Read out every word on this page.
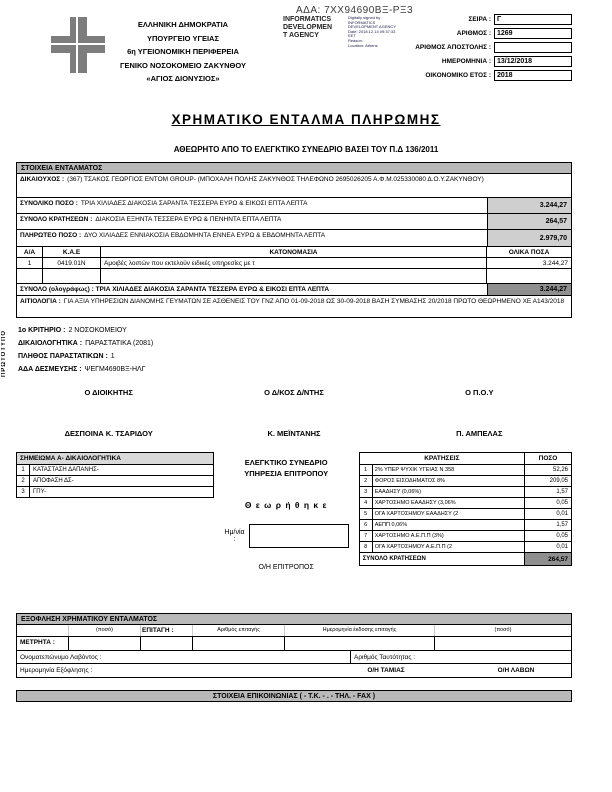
ΑΔΑ: 7ΧΧ94690ΒΞ-ΡΞ3
ΕΛΛΗΝΙΚΗ ΔΗΜΟΚΡΑΤΙΑ
ΥΠΟΥΡΓΕΙΟ ΥΓΕΙΑΣ
6η ΥΓΕΙΟΝΟΜΙΚΗ ΠΕΡΙΦΕΡΕΙΑ
ΓΕΝΙΚΟ ΝΟΣΟΚΟΜΕΙΟ ΖΑΚΥΝΘΟΥ
«ΑΓΙΟΣ ΔΙΟΝΥΣΙΟΣ»
INFORMATICS
DEVELOPMEN
T AGENCY
Digitally signed by
INFORMATICS
DEVELOPMENT AGENCY
Date: 2018.12.14 09:37:33
EET
Reason:
Location: Athens
ΣΕΙΡΑ : Γ
ΑΡΙΘΜΟΣ : 1269
ΑΡΙΘΜΟΣ ΑΠΟΣΤΟΛΗΣ :
ΗΜΕΡΟΜΗΝΙΑ : 13/12/2018
ΟΙΚΟΝΟΜΙΚΟ ΕΤΟΣ : 2018
ΧΡΗΜΑΤΙΚΟ ΕΝΤΑΛΜΑ ΠΛΗΡΩΜΗΣ
ΑΘΕΩΡΗΤΟ ΑΠΟ ΤΟ ΕΛΕΓΚΤΙΚΟ ΣΥΝΕΔΡΙΟ ΒΑΣΕΙ ΤΟΥ Π.Δ 136/2011
ΠΡΩΤΟΤΥΠΟ
ΣΤΟΙΧΕΙΑ ΕΝΤΑΛΜΑΤΟΣ
ΔΙΚΑΙΟΥΧΟΣ : (367) ΤΣΑΚΟΣ ΓΕΩΡΓΙΟΣ ΕΝΤΟΜ GROUP- (ΜΠΟΧΑΛΗ ΠΟΛΗΣ ΖΑΚΥΝΘΟΣ ΤΗΛΕΦΩΝΟ 2695026205 Α.Φ.Μ.025330080 Δ.Ο.Υ.ΖΑΚΥΝΘΟΥ)
ΣΥΝΟΛΙΚΟ ΠΟΣΟ : ΤΡΙΑ ΧΙΛΙΑΔΕΣ ΔΙΑΚΟΣΙΑ ΣΑΡΑΝΤΑ ΤΕΣΣΕΡΑ ΕΥΡΩ & ΕΙΚΟΣΙ ΕΠΤΑ ΛΕΠΤΑ	3.244,27
ΣΥΝΟΛΟ ΚΡΑΤΗΣΕΩΝ : ΔΙΑΚΟΣΙΑ ΕΞΗΝΤΑ ΤΕΣΣΕΡΑ ΕΥΡΩ & ΠΕΝΗΝΤΑ ΕΠΤΑ ΛΕΠΤΑ	264,57
ΠΛΗΡΩΤΕΟ ΠΟΣΟ : ΔΥΟ ΧΙΛΙΑΔΕΣ ΕΝΝΙΑΚΟΣΙΑ ΕΒΔΟΜΗΝΤΑ ΕΝΝΕΑ ΕΥΡΩ & ΕΒΔΟΜΗΝΤΑ ΛΕΠΤΑ	2.979,70
Α/Α	Κ.Α.Ε	ΚΑΤΟΝΟΜΑΣΙΑ	ΟΛΙΚΑ ΠΟΣΑ
1	0419.01Ν	Αμοιβές λοιπών που εκτελούν ειδικές υπηρεσίες με τ	3.244,27
ΣΥΝΟΛΟ (ολογράφως) : ΤΡΙΑ ΧΙΛΙΑΔΕΣ ΔΙΑΚΟΣΙΑ ΣΑΡΑΝΤΑ ΤΕΣΣΕΡΑ ΕΥΡΩ & ΕΙΚΟΣΙ ΕΠΤΑ ΛΕΠΤΑ	3.244,27
ΑΙΤΙΟΛΟΓΙΑ : ΓΙΑ ΑΞΙΑ ΥΠΗΡΕΣΙΩΝ ΔΙΑΝΟΜΗΣ ΓΕΥΜΑΤΩΝ ΣΕ ΑΣΘΕΝΕΙΣ ΤΟΥ ΓΝΖ ΑΠΟ 01-09-2018 ΩΣ 30-09-2018 ΒΑΣΗ ΣΥΜΒΑΣΗΣ 20/2018 ΠΡΩΤΟ ΘΕΩΡΗΜΕΝΟ ΧΕ Α143/2018
1ο ΚΡΙΤΗΡΙΟ : 2 ΝΟΣΟΚΟΜΕΙΟΥ
ΔΙΚΑΙΟΛΟΓΗΤΙΚΑ : ΠΑΡΑΣΤΑΤΙΚΑ (2081)
ΠΛΗΘΟΣ ΠΑΡΑΣΤΑΤΙΚΩΝ : 1
ΑΔΑ ΔΕΣΜΕΥΣΗΣ : ΨΕΓΜ4690ΒΞ-ΗΛΓ
Ο ΔΙΟΙΚΗΤΗΣ	Ο Δ/ΚΟΣ Δ/ΝΤΗΣ	Ο Π.Ο.Υ
ΔΕΣΠΟΙΝΑ Κ. ΤΣΑΡΙΔΟΥ	Κ. ΜΕΪΝΤΑΝΗΣ	Π. ΑΜΠΕΛΑΣ
ΣΗΜΕΙΩΜΑ Α- ΔΙΚΑΙΟΛΟΓΗΤΙΚΑ
1	ΚΑΤΑΣΤΑΣΗ ΔΑΠΑΝΗΣ-
2	ΑΠΟΦΑΣΗ ΔΣ-
3	ΓΠΥ-
ΕΛΕΓΚΤΙΚΟ ΣΥΝΕΔΡΙΟ
ΥΠΗΡΕΣΙΑ ΕΠΙΤΡΟΠΟΥ
Θ ε ω ρ ή θ η κ ε
Ημ/νία :
Ο/Η ΕΠΙΤΡΟΠΟΣ
ΚΡΑΤΗΣΕΙΣ	ΠΟΣΟ
1	2% ΥΠΕΡ ΨΥΧΙΚ ΥΓΕΙΑΣ Ν 358	52,26
2	ΦΟΡΟΣ ΕΙΣΟΔΗΜΑΤΟΣ 8%	209,05
3	ΕΑΑΔΗΣΥ (0,06%)	1,57
4	ΧΑΡΤΟΣΗΜΟ ΕΑΑΔΗΣΥ (3,06%	0,05
5	ΟΓΑ ΧΑΡΤΟΣΗΜΟΥ ΕΑΑΔΗΣΥ (2	0,01
6	ΑΕΠΠ 0,06%	1,57
7	ΧΑΡΤΟΣΗΜΟ Α.Ε.Π.Π (3%)	0,05
8	ΟΓΑ ΧΑΡΤΟΣΗΜΟΥ Α.Ε.Π.Π (2	0,01
ΣΥΝΟΛΟ ΚΡΑΤΗΣΕΩΝ	264,57
ΕΞΟΦΛΗΣΗ ΧΡΗΜΑΤΙΚΟΥ ΕΝΤΑΛΜΑΤΟΣ
(ποσό)	ΕΠΙΤΑΓΗ :	Αριθμός επιταγής	Ημερομηνία έκδοσης επιταγής	(ποσό)
ΜΕΤΡΗΤΑ :
Ονοματεπώνυμο Λαβόντος :	Αριθμός Ταυτότητας :
Ημερομηνία Εξόφλησης :	Ο/Η ΤΑΜΙΑΣ	Ο/Η ΛΑΒΩΝ
ΣΤΟΙΧΕΙΑ ΕΠΙΚΟΙΝΩΝΙΑΣ ( - Τ.Κ. - . - ΤΗΛ. - FAX )
